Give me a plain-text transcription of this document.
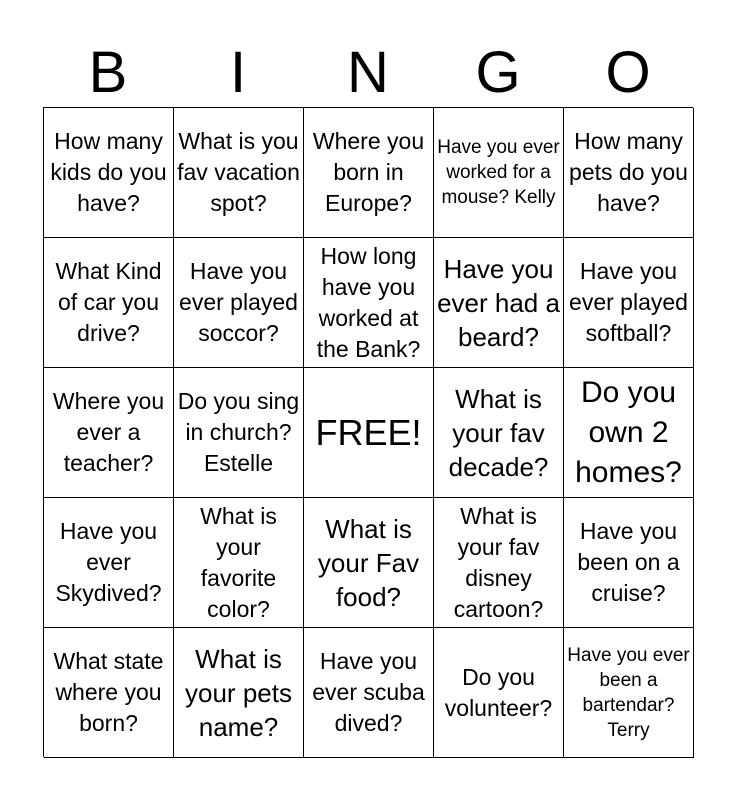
B	I	N	G	O
How many kids do you have?
What is you fav vacation spot?
Where you born in Europe?
Have you ever worked for a mouse? Kelly
How many pets do you have?
What Kind of car you drive?
Have you ever played soccor?
How long have you worked at the Bank?
Have you ever had a beard?
Have you ever played softball?
Where you ever a teacher?
Do you sing in church? Estelle
FREE!
What is your fav decade?
Do you own 2 homes?
Have you ever Skydived?
What is your favorite color?
What is your Fav food?
What is your fav disney cartoon?
Have you been on a cruise?
What state where you born?
What is your pets name?
Have you ever scuba dived?
Do you volunteer?
Have you ever been a bartendar? Terry
